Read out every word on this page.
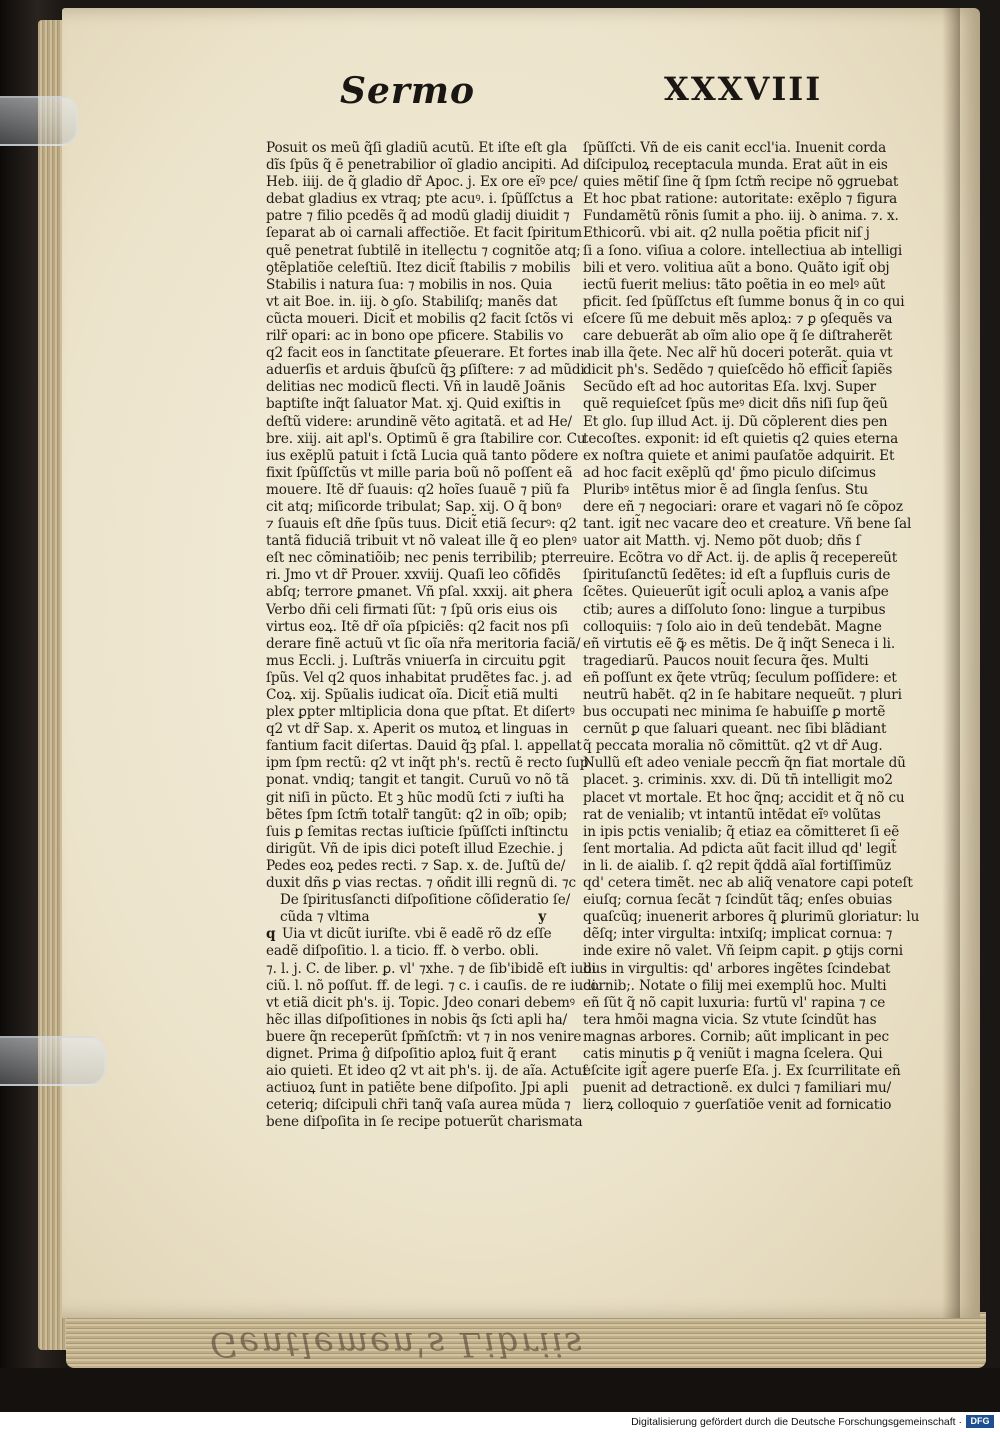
Gentlemen's Libriis
Sermo	XXXVIII
Posuit os meũ q̃ſi gladiũ acutũ. Et iſte eſt gla
dĩs ſpũs q̃ ē penetrabilior oĩ gladio ancipiti. Ad
Heb. iiij. de q̃ gladio dr̃ Apoc. j. Ex ore eĩꝰ pce/
debat gladius ex vtraq; pte acuꝰ. i. ſpũſſctus a
patre ⁊ filio pcedẽs q̃ ad modũ gladij diuidit ⁊
ſeparat ab oi carnali affectiõe. Et facit ſpiritum
quẽ penetrat ſubtilẽ in itellectu ⁊ cognitõe atq;
ꝯtẽplatiõe celeſtiũ. Itez dicit̃ ſtabilis ⁊ mobilis
Stabilis i natura ſua: ⁊ mobilis in nos. Quia
vt ait Boe. in. iij. ꝺ ꝯſo. Stabiliſq; manẽs dat
cũcta moueri. Dicit̃ et mobilis q2 facit ſctõs vi
rilr̃ opari: ac in bono ope pficere. Stabilis vo
q2 facit eos in ſanctitate ꝑſeuerare. Et fortes in
aduerſis et arduis q̃buſcũ q̃ꝫ ꝑſiſtere: ⁊ ad mũdi
delitias nec modicũ flecti. Vñ in laudẽ Joãnis
baptiſte inq̃t ſaluator Mat. xj. Quid exiſtis in
deſtũ videre: arundinẽ vẽto agitatã. et ad He/
bre. xiij. ait apl's. Optimũ ẽ gra ſtabilire cor. Cu
ius exẽplũ patuit i ſctã Lucia quã tanto põdere
fixit ſpũſſctũs vt mille paria boũ nõ poſſent eã
mouere. Itẽ dr̃ ſuauis: q2 hoĩes ſuauẽ ⁊ piũ fa
cit atq; miſicorde tribulat; Sap. xij. O q̃ bonꝰ
⁊ ſuauis eſt dñe ſpũs tuus. Dicit̃ etiã ſecurꝰ: q2
tantã fiduciã tribuit vt nõ valeat ille q̃ eo plenꝰ
eſt nec cõminatiõib; nec penis terribilib; pterre
ri. Jmo vt dr̃ Prouer. xxviij. Quaſi leo cõfidẽs
abſq; terrore ꝑmanet. Vñ pſal. xxxij. ait ꝑhera
Verbo dñi celi firmati ſũt: ⁊ ſpũ oris eius ois
virtus eoꝝ. Itẽ dr̃ oĩa pſpiciẽs: q2 facit nos pſi
derare finẽ actuũ vt ſic oĩa nr̃a meritoria faciã/
mus Eccli. j. Luſtrãs vniuerſa in circuitu ꝑgit
ſpũs. Vel q2 quos inhabitat prudẽtes fac. j. ad
Coꝝ. xij. Spũalis iudicat oĩa. Dicit̃ etiã multi
plex ꝑpter mltiplicia dona que pſtat. Et diſertꝰ
q2 vt dr̃ Sap. x. Aperit os mutoꝝ et linguas in
fantium facit diſertas. Dauid q̃ꝫ pſal. l. appellat
ipm ſpm rectũ: q2 vt inq̃t ph's. rectũ ẽ recto ſup
ponat. vndiq; tangit et tangit. Curuũ vo nõ tã
git niſi in pũcto. Et ꝫ hũc modũ ſcti ⁊ iuſti ha
bẽtes ſpm ſctm̃ totalr̃ tangũt: q2 in oĩb; opib;
ſuis ꝑ ſemitas rectas iuſticie ſpũſſcti inſtinctu
dirigũt. Vñ de ipis dici poteſt illud Ezechie. j
Pedes eoꝝ pedes recti. ⁊ Sap. x. de. Juſtũ de/
duxit dñs ꝑ vias rectas. ⁊ oñdit illi regnũ di. ⁊c
De ſpiritusſancti diſpoſitione cõſideratio ſe/
cũda ⁊ vltima	y
q Uia vt dicũt iuriſte. vbi ẽ eadẽ rõ dz eſſe
eadẽ diſpoſitio. l. a ticio. ff. ꝺ verbo. obli.
⁊. l. j. C. de liber. ꝑ. vl' ⁊xhe. ⁊ de ſib'ibidẽ eſt iudi
ciũ. l. nõ poſſut. ff. de legi. ⁊ c. i cauſis. de re iudi.
vt etiã dicit ph's. ij. Topic. Jdeo conari debemꝰ
hẽc illas diſpoſitiones in nobis q̃s ſcti apli ha/
buere q̃n receperũt ſpm̃ſctm̃: vt ⁊ in nos venire
dignet. Prima ĝ diſpoſitio aploꝝ fuit q̃ erant
aio quieti. Et ideo q2 vt ait ph's. ij. de aĩa. Actuſ
actiuoꝝ ſunt in patiẽte bene diſpoſito. Jpi apli
ceteriq; diſcipuli chr̃i tanq̃ vaſa aurea mũda ⁊
bene diſpoſita in ſe recipe potuerũt charismata
ſpũſſcti. Vñ de eis canit eccl'ia. Inuenit corda
diſcipuloꝝ receptacula munda. Erat aũt in eis
quies mẽtiſ ſine q̃ ſpm ſctm̃ recipe nõ ꝯgruebat
Et hoc pbat ratione: autoritate: exẽplo ⁊ figura
Fundamẽtũ rõnis ſumit a pho. iij. ꝺ anima. ⁊. x.
Ethicorũ. vbi ait. q2 nulla poẽtia pficit niſ j
ſi a ſono. viſiua a colore. intellectiua ab intelligi
bili et vero. volitiua aũt a bono. Quãto igit̃ obj
iectũ fuerit melius: tãto poẽtia in eo melꝰ aũt
pficit. ſed ſpũſſctus eſt ſumme bonus q̃ in co qui
eſcere ſũ me debuit mẽs aploꝝ: ⁊ ꝑ ꝯſequẽs va
care debuerãt ab oĩm alio ope q̃ ſe diſtraherẽt
ab illa q̃ete. Nec alr̃ hũ doceri poterãt. quia vt
dicit ph's. Sedẽdo ⁊ quieſcẽdo hõ efficit̃ ſapiẽs
Secũdo eſt ad hoc autoritas Eſa. lxvj. Super
quẽ requieſcet ſpũs meꝰ dicit dñs niſi ſup q̃eũ
Et glo. ſup illud Act. ij. Dũ cõplerent dies pen
tecoſtes. exponit: id eſt quietis q2 quies eterna
ex noſtra quiete et animi pauſatõe adquirit. Et
ad hoc facit exẽplũ qd' p̃mo piculo diſcimus
Pluribꝰ intẽtus mior ẽ ad ſingla ſenſus. Stu
dere eñ ⁊ negociari: orare et vagari nõ ſe cõpoz
tant. igit̃ nec vacare deo et creature. Vñ bene ſal
uator ait Matth. vj. Nemo põt duob; dñs ſ
uire. Ecõtra vo dr̃ Act. ij. de aplis q̃ recepereũt
ſpirituſanctũ ſedẽtes: id eſt a ſupfluis curis de
ſcẽtes. Quieuerũt igit̃ oculi aploꝝ a vanis aſpe
ctib; aures a diſſoluto ſono: lingue a turpibus
colloquiis: ⁊ ſolo aio in deũ tendebãt. Magne
eñ virtutis eẽ ꝙ̃ es mẽtis. De q̃ inq̃t Seneca i li.
tragediarũ. Paucos nouit ſecura q̃es. Multi
eñ poſſunt ex q̃ete vtrũq; ſeculum poſſidere: et
neutrũ habẽt. q2 in ſe habitare nequeũt. ⁊ pluri
bus occupati nec minima ſe habuiſſe ꝑ mortẽ
cernũt ꝑ que ſaluari queant. nec ſibi blãdiant
q̃ peccata moralia nõ cõmittũt. q2 vt dr̃ Aug.
Nullũ eſt adeo veniale peccm̃ q̃n fiat mortale dũ
placet. ꝫ. criminis. xxv. di. Dũ tn̄ intelligit mo2
placet vt mortale. Et hoc q̃nq; accidit et q̃ nõ cu
rat de venialib; vt intantũ intẽdat eĩꝰ volũtas
in ipis pctis venialib; q̃ etiaz ea cõmitteret ſi eẽ
ſent mortalia. Ad pdicta aũt facit illud qd' legit̃
in li. de aialib. ſ. q2 repit q̃ddã aĩal fortiſſimũz
qd' cetera timẽt. nec ab aliq̃ venatore capi poteſt
eiuſq; cornua ſecãt ⁊ ſcindũt tãq; enſes obuias
quaſcũq; inuenerit arbores q̃ ꝑlurimũ gloriatur: lu
dẽſq; inter virgulta: intxiſq; implicat cornua: ⁊
inde exire nõ valet. Vñ ſeipm capit. ꝑ ꝯtijs corni
bus in virgultis: qd' arbores ingẽtes ſcindebat
cornib;. Notate o filij mei exemplũ hoc. Multi
eñ ſũt q̃ nõ capit luxuria: furtũ vl' rapina ⁊ ce
tera hmõi magna vicia. Sz vtute ſcindũt has
magnas arbores. Cornib; aũt implicant in pec
catis minutis ꝑ q̃ veniũt i magna ſcelera. Qui
eſcite igit̃ agere puerſe Eſa. j. Ex ſcurrilitate eñ
puenit ad detractionẽ. ex dulci ⁊ familiari mu/
lierꝝ colloquio ⁊ ꝯuerſatiõe venit ad fornicatio
Digitalisierung gefördert durch die Deutsche Forschungsgemeinschaft · DFG
